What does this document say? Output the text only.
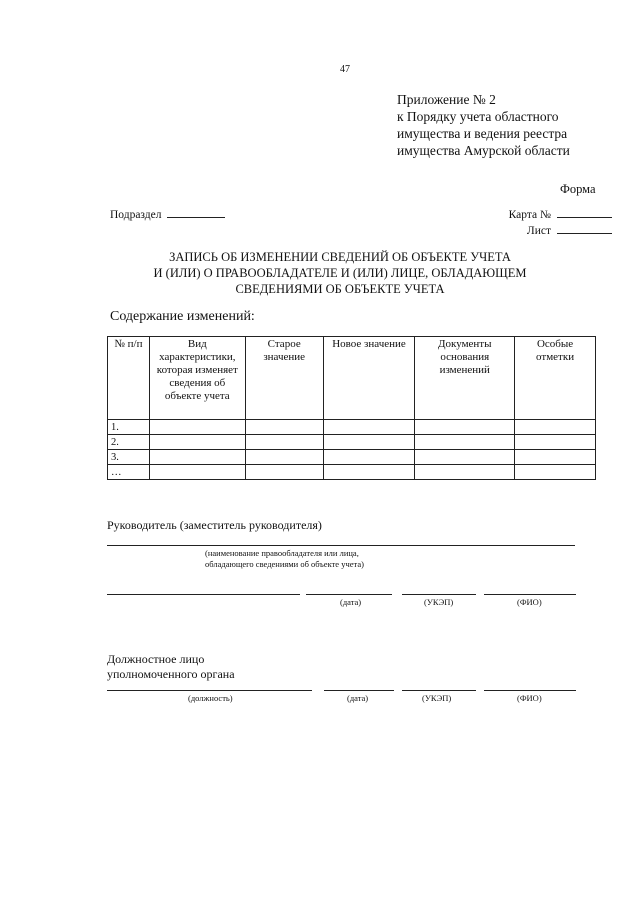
47
Приложение № 2
к Порядку учета областного
имущества и ведения реестра
имущества Амурской области
Форма
Подраздел	Карта №
Лист
ЗАПИСЬ ОБ ИЗМЕНЕНИИ СВЕДЕНИЙ ОБ ОБЪЕКТЕ УЧЕТА
И (ИЛИ) О ПРАВООБЛАДАТЕЛЕ И (ИЛИ) ЛИЦЕ, ОБЛАДАЮЩЕМ
СВЕДЕНИЯМИ ОБ ОБЪЕКТЕ УЧЕТА
Содержание изменений:
№ п/п	Вид характеристики, которая изменяет сведения об объекте учета	Старое значение	Новое значение	Документы основания изменений	Особые отметки
1.					
2.					
3.					
…					
Руководитель (заместитель руководителя)
(наименование правообладателя или лица,
обладающего сведениями об объекте учета)
(дата)	(УКЭП)	(ФИО)
Должностное лицо
уполномоченного органа
(должность)	(дата)	(УКЭП)	(ФИО)
